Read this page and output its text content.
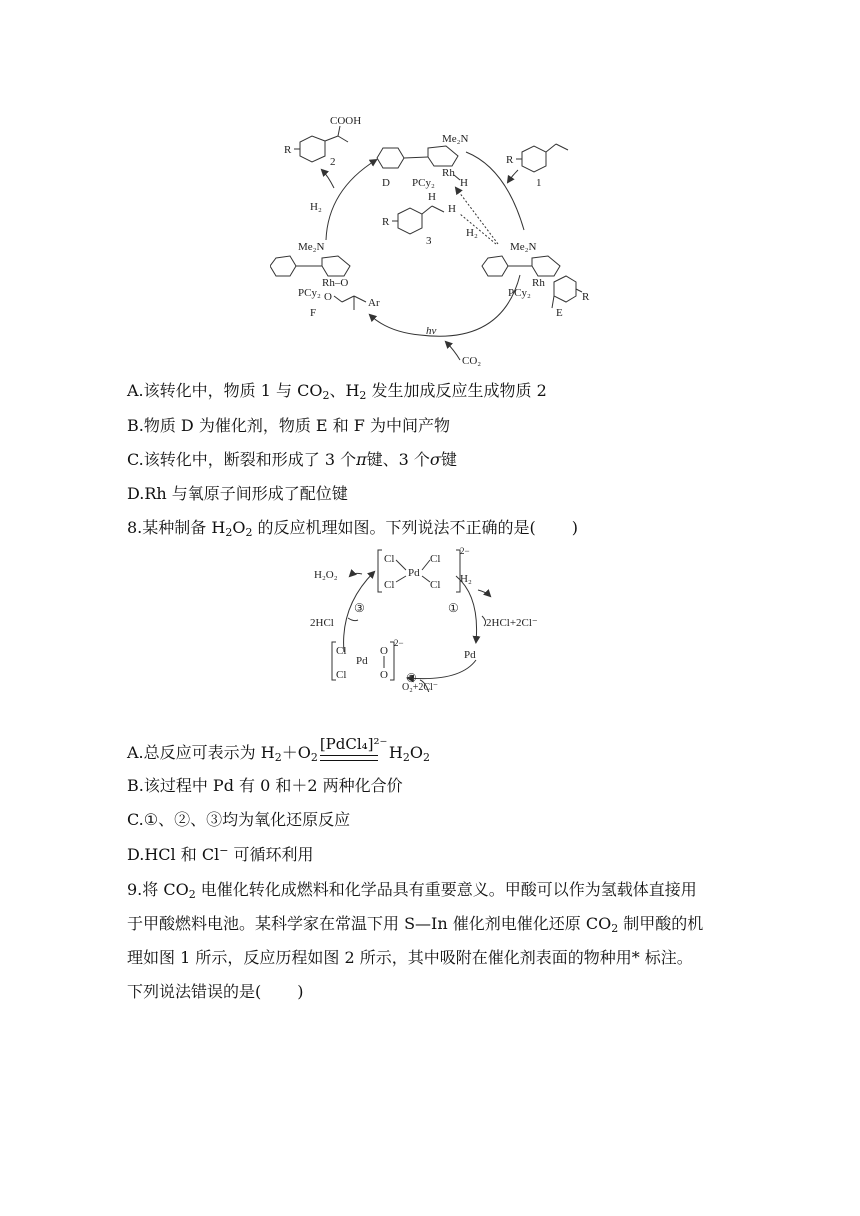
COOH
R
2
Me₂N
D PCy₂
Rh
H
R
1
H₂
R
H
H
3
H₂
Me₂N
Rh–O
PCy₂ O	Ar
F
Me₂N
PCy₂
Rh
R
E
hν
CO₂
A.该转化中，物质 1 与 $CO_2$、$H_2$ 发生加成反应生成物质 2
B.物质 D 为催化剂，物质 E 和 F 为中间产物
C.该转化中，断裂和形成了 3 个π键、3 个σ键
D.Rh 与氧原子间形成了配位键
8.某种制备 $H_2O_2$ 的反应机理如图。下列说法不正确的是( )
Cl	Cl
Pd
Cl	Cl
2−
H₂O₂	H₂
③	①
2HCl	2HCl+2Cl⁻
Pd
Cl
Pd
Cl
O
O
2−
②
O₂+2Cl⁻
A.总反应可表示为 $H_2+O_2$
[PdCl₄]²⁻
$H_2O_2$
B.该过程中 Pd 有 0 和＋2 两种化合价
C.①、②、③均为氧化还原反应
D.HCl 和 Cl− 可循环利用
9.将 $CO_2$ 电催化转化成燃料和化学品具有重要意义。甲酸可以作为氢载体直接用
于甲酸燃料电池。某科学家在常温下用 S—In 催化剂电催化还原 $CO_2$ 制甲酸的机
理如图 1 所示，反应历程如图 2 所示，其中吸附在催化剂表面的物种用* 标注。
下列说法错误的是( )
